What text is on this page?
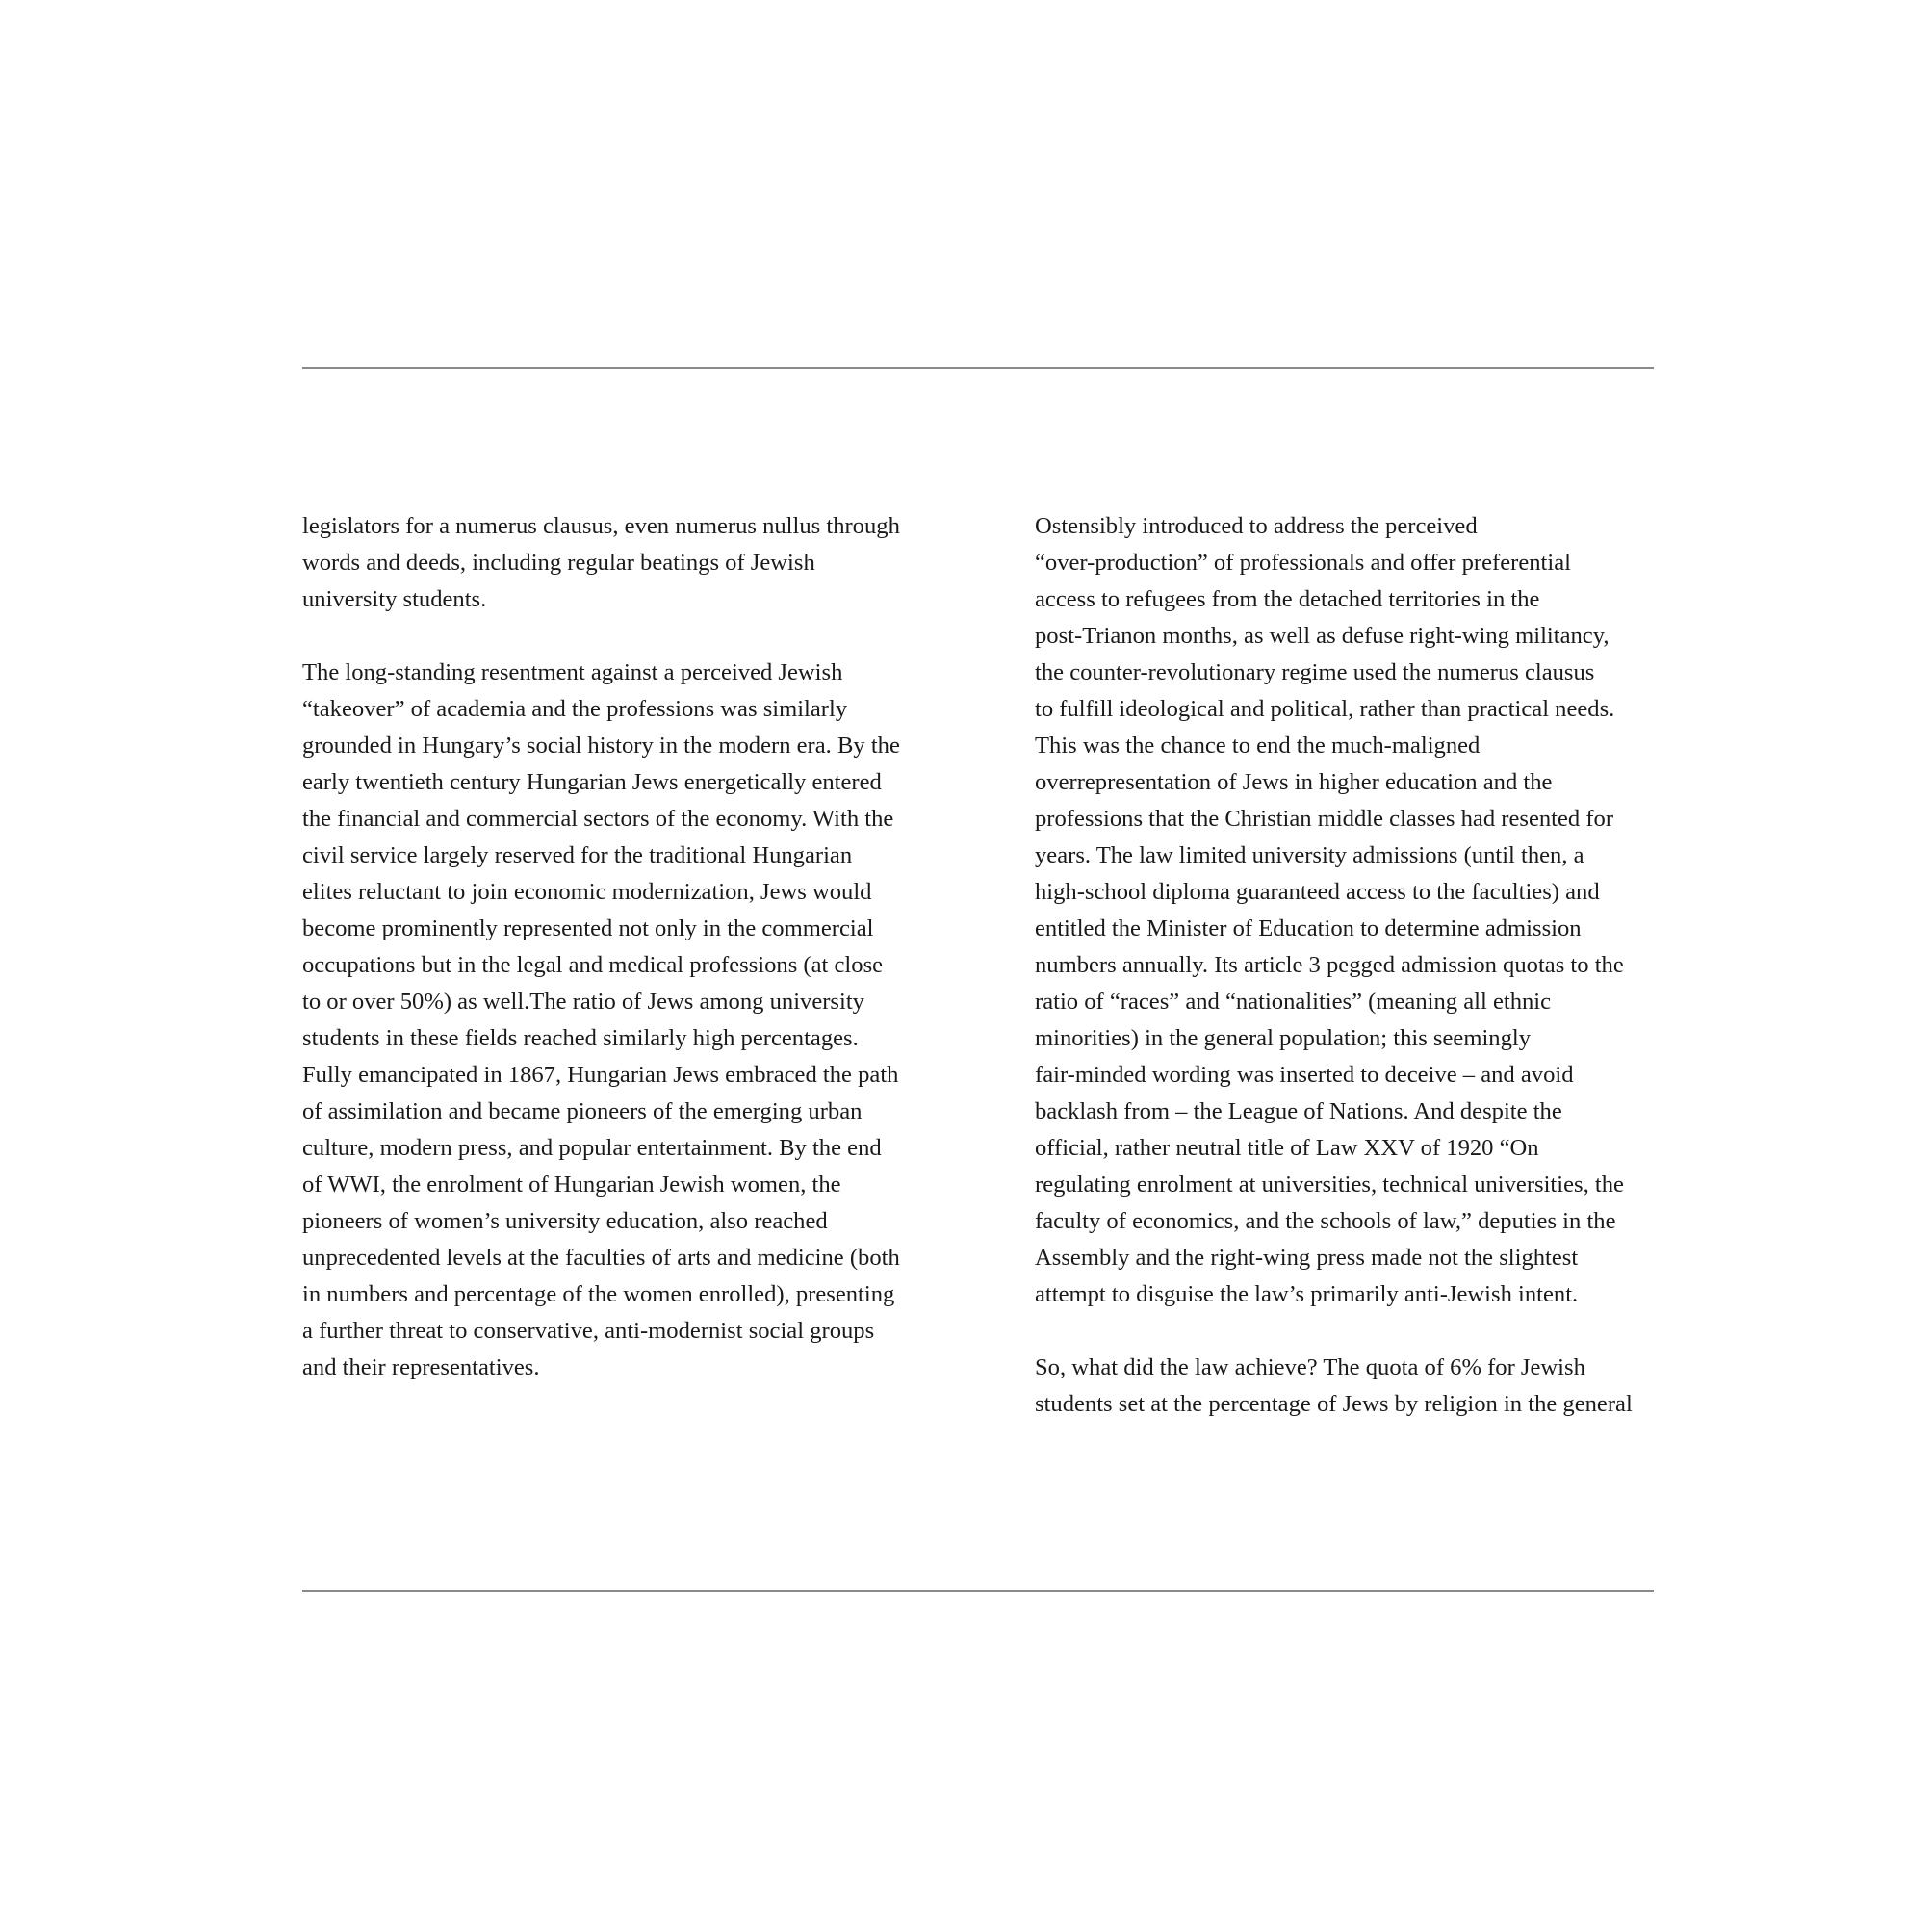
legislators for a numerus clausus, even numerus nullus through
words and deeds, including regular beatings of Jewish
university students.
The long-standing resentment against a perceived Jewish
“takeover” of academia and the professions was similarly
grounded in Hungary’s social history in the modern era. By the
early twentieth century Hungarian Jews energetically entered
the financial and commercial sectors of the economy. With the
civil service largely reserved for the traditional Hungarian
elites reluctant to join economic modernization, Jews would
become prominently represented not only in the commercial
occupations but in the legal and medical professions (at close
to or over 50%) as well.The ratio of Jews among university
students in these fields reached similarly high percentages.
Fully emancipated in 1867, Hungarian Jews embraced the path
of assimilation and became pioneers of the emerging urban
culture, modern press, and popular entertainment. By the end
of WWI, the enrolment of Hungarian Jewish women, the
pioneers of women’s university education, also reached
unprecedented levels at the faculties of arts and medicine (both
in numbers and percentage of the women enrolled), presenting
a further threat to conservative, anti-modernist social groups
and their representatives.
Ostensibly introduced to address the perceived
“over-production” of professionals and offer preferential
access to refugees from the detached territories in the
post-Trianon months, as well as defuse right-wing militancy,
the counter-revolutionary regime used the numerus clausus
to fulfill ideological and political, rather than practical needs.
This was the chance to end the much-maligned
overrepresentation of Jews in higher education and the
professions that the Christian middle classes had resented for
years. The law limited university admissions (until then, a
high-school diploma guaranteed access to the faculties) and
entitled the Minister of Education to determine admission
numbers annually. Its article 3 pegged admission quotas to the
ratio of “races” and “nationalities” (meaning all ethnic
minorities) in the general population; this seemingly
fair-minded wording was inserted to deceive – and avoid
backlash from – the League of Nations. And despite the
official, rather neutral title of Law XXV of 1920 “On
regulating enrolment at universities, technical universities, the
faculty of economics, and the schools of law,” deputies in the
Assembly and the right-wing press made not the slightest
attempt to disguise the law’s primarily anti-Jewish intent.
So, what did the law achieve? The quota of 6% for Jewish
students set at the percentage of Jews by religion in the general
